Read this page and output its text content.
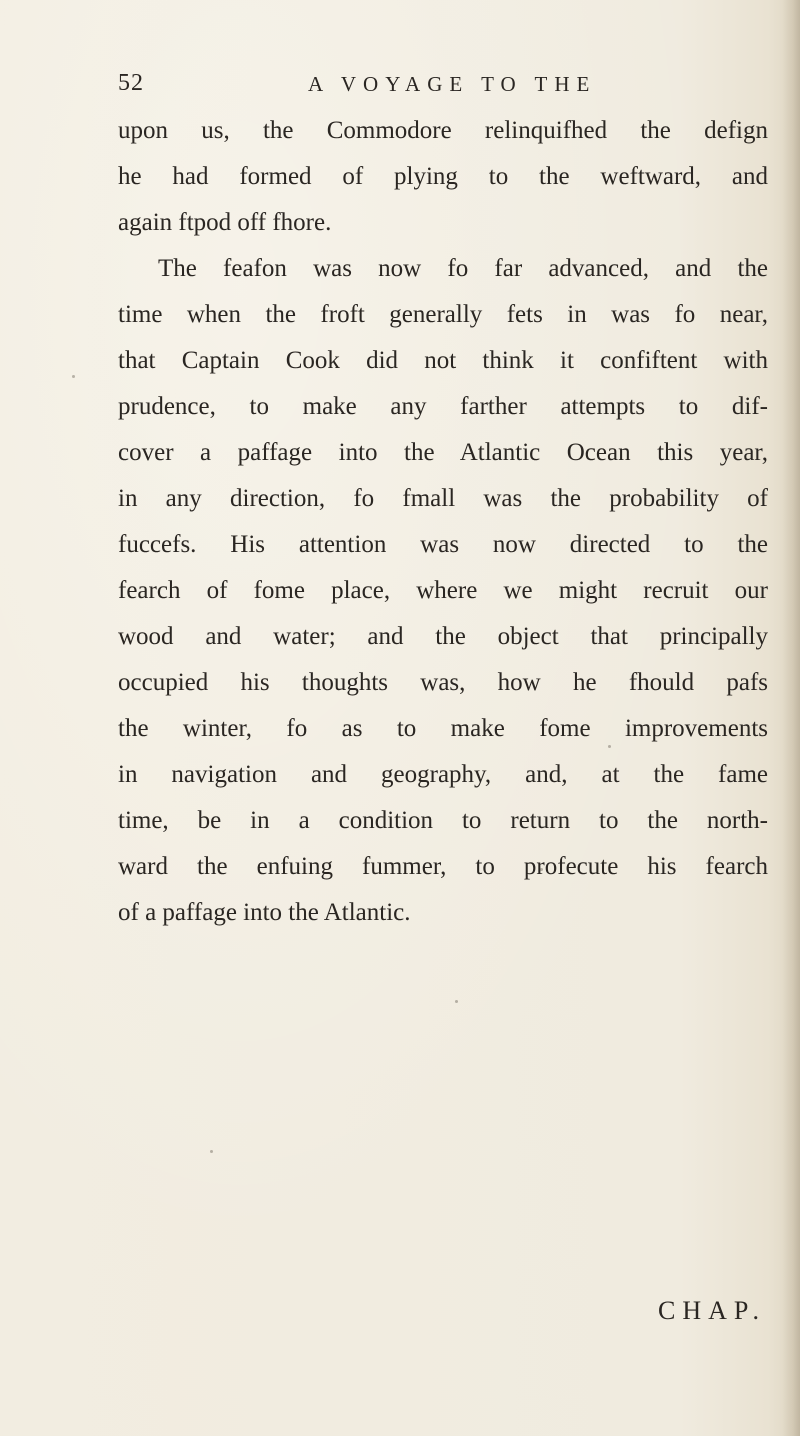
52	A VOYAGE TO THE
upon us, the Commodore relinquifhed the defign
he had formed of plying to the weftward, and
again ftpod off fhore.
The feafon was now fo far advanced, and the
time when the froft generally fets in was fo near,
that Captain Cook did not think it confiftent with
prudence, to make any farther attempts to dif-
cover a paffage into the Atlantic Ocean this year,
in any direction, fo fmall was the probability of
fuccefs. His attention was now directed to the
fearch of fome place, where we might recruit our
wood and water; and the object that principally
occupied his thoughts was, how he fhould pafs
the winter, fo as to make fome improvements
in navigation and geography, and, at the fame
time, be in a condition to return to the north-
ward the enfuing fummer, to profecute his fearch
of a paffage into the Atlantic.
CHAP.
